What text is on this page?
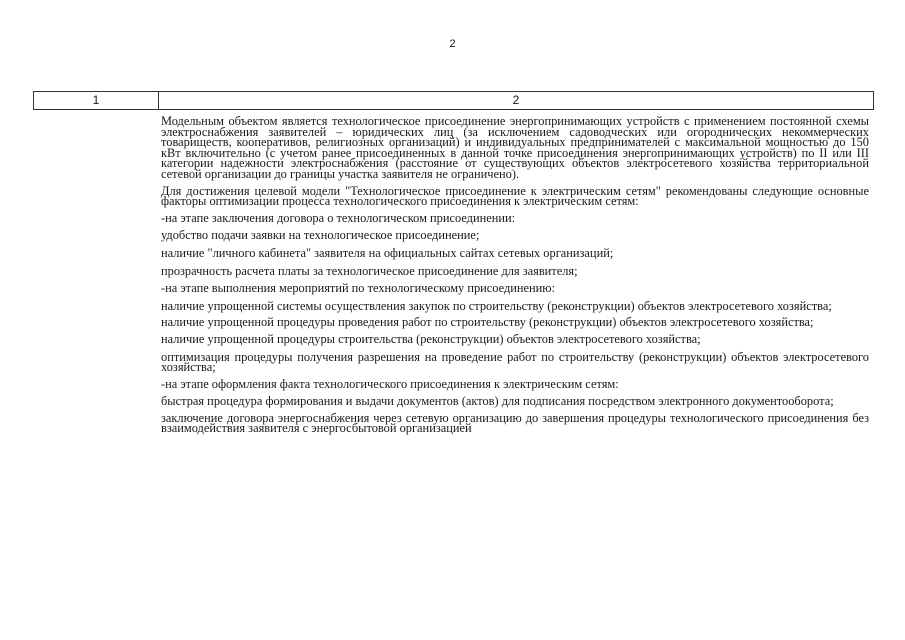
2
1	2

Модельным объектом является технологическое присоединение энергопринимающих устройств с применением постоянной схемы электроснабжения заявителей – юридических лиц (за исключением садоводческих или огороднических некоммерческих товариществ, кооперативов, религиозных организаций) и индивидуальных предпринимателей с максимальной мощностью до 150 кВт включительно (с учетом ранее присоединенных в данной точке присоединения энергопринимающих устройств) по II или III категории надежности электроснабжения (расстояние от существующих объектов электросетевого хозяйства территориальной сетевой организации до границы участка заявителя не ограничено).

Для достижения целевой модели "Технологическое присоединение к электрическим сетям" рекомендованы следующие основные факторы оптимизации процесса технологического присоединения к электрическим сетям:

-на этапе заключения договора о технологическом присоединении:

удобство подачи заявки на технологическое присоединение;

наличие "личного кабинета" заявителя на официальных сайтах сетевых организаций;

прозрачность расчета платы за технологическое присоединение для заявителя;

-на этапе выполнения мероприятий по технологическому присоединению:

наличие упрощенной системы осуществления закупок по строительству (реконструкции) объектов электросетевого хозяйства;

наличие упрощенной процедуры проведения работ по строительству (реконструкции) объектов электросетевого хозяйства;

наличие упрощенной процедуры строительства (реконструкции) объектов электросетевого хозяйства;

оптимизация процедуры получения разрешения на проведение работ по строительству (реконструкции) объектов электросетевого хозяйства;

-на этапе оформления факта технологического присоединения к электрическим сетям:

быстрая процедура формирования и выдачи документов (актов) для подписания посредством электронного документооборота;

заключение договора энергоснабжения через сетевую организацию до завершения процедуры технологического присоединения без взаимодействия заявителя с энергосбытовой организацией
